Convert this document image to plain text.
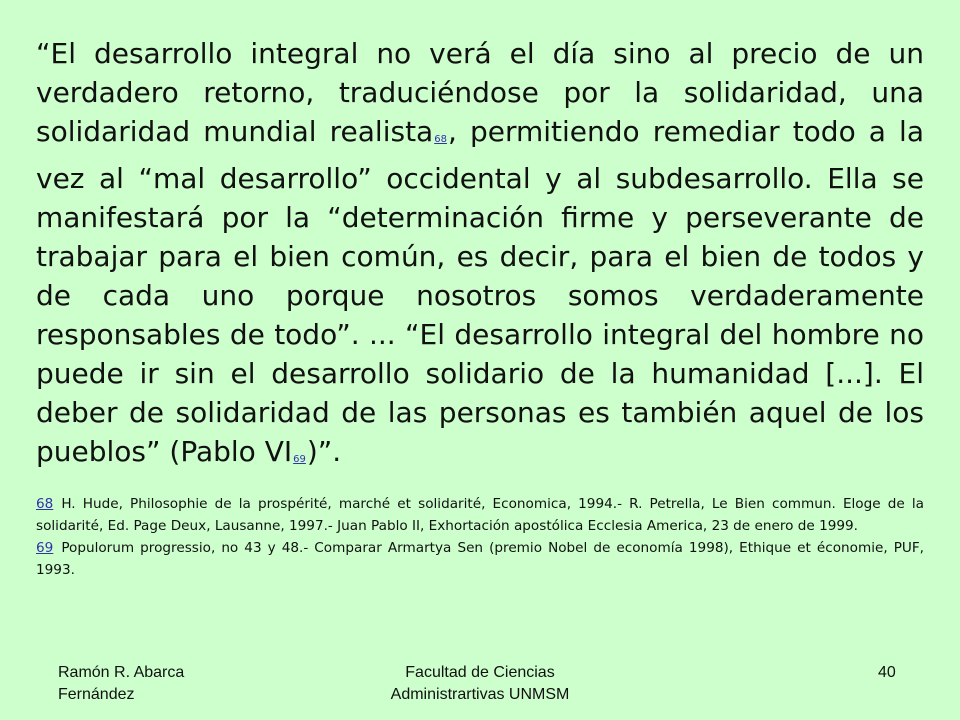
“El desarrollo integral no verá el día sino al precio de un verdadero retorno, traduciéndose por la solidaridad, una solidaridad mundial realista68, permitiendo remediar todo a la vez al “mal desarrollo” occidental y al subdesarrollo. Ella se manifestará por la “determinación firme y perseverante de trabajar para el bien común, es decir, para el bien de todos y de cada uno porque nosotros somos verdaderamente responsables de todo”. ... “El desarrollo integral del hombre no puede ir sin el desarrollo solidario de la humanidad [...]. El deber de solidaridad de las personas es también aquel de los pueblos” (Pablo VI69)”.
68 H. Hude, Philosophie de la prospérité, marché et solidarité, Economica, 1994.- R. Petrella, Le Bien commun. Eloge de la solidarité, Ed. Page Deux, Lausanne, 1997.- Juan Pablo II, Exhortación apostólica Ecclesia America, 23 de enero de 1999.
69 Populorum progressio, no 43 y 48.- Comparar Armartya Sen (premio Nobel de economía 1998), Ethique et économie, PUF, 1993.
Ramón R. Abarca
Fernández
Facultad de Ciencias
Administrartivas UNMSM
40
